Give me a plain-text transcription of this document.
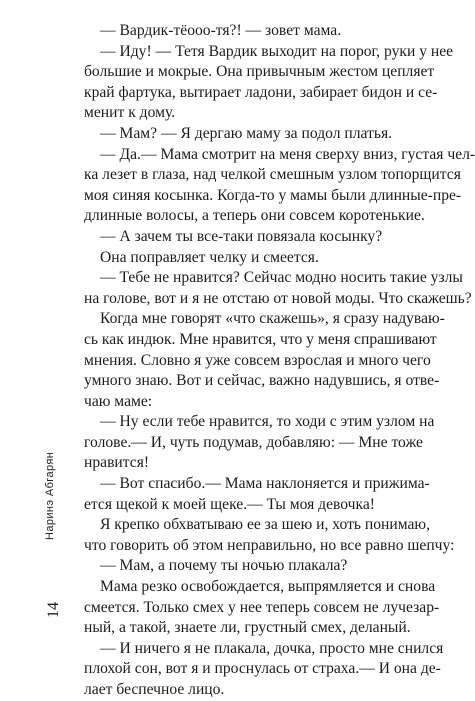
Наринэ Абгарян
14
— Вардик-тёооо-тя?! — зовет мама.
— Иду! — Тетя Вардик выходит на порог, руки у нее
большие и мокрые. Она привычным жестом цепляет
край фартука, вытирает ладони, забирает бидон и се-
менит к дому.
— Мам? — Я дергаю маму за подол платья.
— Да.— Мама смотрит на меня сверху вниз, густая чел-
ка лезет в глаза, над челкой смешным узлом топорщится
моя синяя косынка. Когда-то у мамы были длинные-пре-
длинные волосы, а теперь они совсем коротенькие.
— А зачем ты все-таки повязала косынку?
Она поправляет челку и смеется.
— Тебе не нравится? Сейчас модно носить такие узлы
на голове, вот и я не отстаю от новой моды. Что скажешь?
Когда мне говорят «что скажешь», я сразу надуваю-
сь как индюк. Мне нравится, что у меня спрашивают
мнения. Словно я уже совсем взрослая и много чего
умного знаю. Вот и сейчас, важно надувшись, я отве-
чаю маме:
— Ну если тебе нравится, то ходи с этим узлом на
голове.— И, чуть подумав, добавляю: — Мне тоже
нравится!
— Вот спасибо.— Мама наклоняется и прижима-
ется щекой к моей щеке.— Ты моя девочка!
Я крепко обхватываю ее за шею и, хоть понимаю,
что говорить об этом неправильно, но все равно шепчу:
— Мам, а почему ты ночью плакала?
Мама резко освобождается, выпрямляется и снова
смеется. Только смех у нее теперь совсем не лучезар-
ный, а такой, знаете ли, грустный смех, деланый.
— И ничего я не плакала, дочка, просто мне снился
плохой сон, вот я и проснулась от страха.— И она де-
лает беспечное лицо.
